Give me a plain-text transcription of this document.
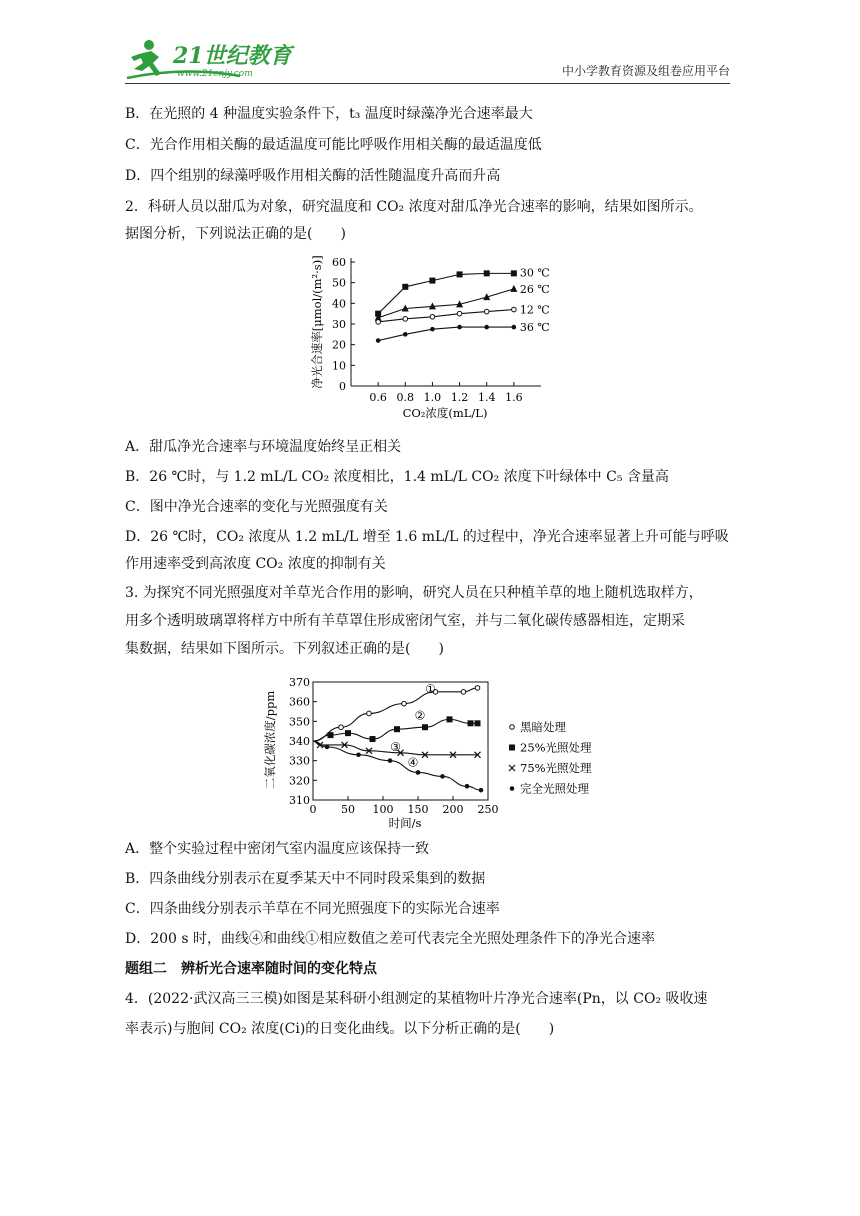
21世纪教育
www.21cnjy.com	中小学教育资源及组卷应用平台
B．在光照的 4 种温度实验条件下，t₃ 温度时绿藻净光合速率最大
C．光合作用相关酶的最适温度可能比呼吸作用相关酶的最适温度低
D．四个组别的绿藻呼吸作用相关酶的活性随温度升高而升高
2．科研人员以甜瓜为对象，研究温度和 CO₂ 浓度对甜瓜净光合速率的影响，结果如图所示。
据图分析，下列说法正确的是(　　)
0
10
20
30
40
50
60
0.6 0.8 1.0 1.2 1.4 1.6
30 ℃
26 ℃
12 ℃
36 ℃
净光合速率[μmol/(m²·s)]
CO₂浓度(mL/L)
A．甜瓜净光合速率与环境温度始终呈正相关
B．26 ℃时，与 1.2 mL/L CO₂ 浓度相比，1.4 mL/L CO₂ 浓度下叶绿体中 C₅ 含量高
C．图中净光合速率的变化与光照强度有关
D．26 ℃时，CO₂ 浓度从 1.2 mL/L 增至 1.6 mL/L 的过程中，净光合速率显著上升可能与呼吸
作用速率受到高浓度 CO₂ 浓度的抑制有关
3. 为探究不同光照强度对羊草光合作用的影响，研究人员在只种植羊草的地上随机选取样方，
用多个透明玻璃罩将样方中所有羊草罩住形成密闭气室，并与二氧化碳传感器相连，定期采
集数据，结果如下图所示。下列叙述正确的是(　　)
310
320
330
340
350
360
370
0 50 100 150 200 250
①
②
③
④
黑暗处理
25%光照处理
75%光照处理
完全光照处理
二氧化碳浓度/ppm
时间/s
A．整个实验过程中密闭气室内温度应该保持一致
B．四条曲线分别表示在夏季某天中不同时段采集到的数据
C．四条曲线分别表示羊草在不同光照强度下的实际光合速率
D．200 s 时，曲线④和曲线①相应数值之差可代表完全光照处理条件下的净光合速率
题组二　辨析光合速率随时间的变化特点
4．(2022·武汉高三三模)如图是某科研小组测定的某植物叶片净光合速率(Pn，以 CO₂ 吸收速
率表示)与胞间 CO₂ 浓度(Ci)的日变化曲线。以下分析正确的是(　　)
